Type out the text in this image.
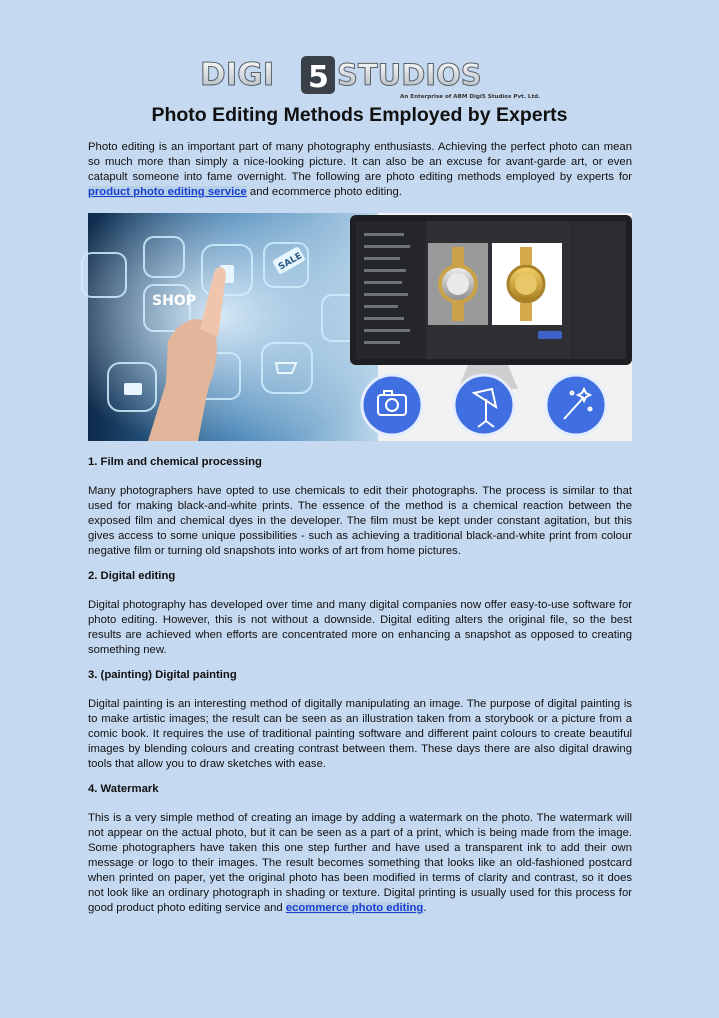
DIGI 5 STUDIOS
An Enterprise of ABM Digi5 Studios Pvt. Ltd.
Photo Editing Methods Employed by Experts

Photo editing is an important part of many photography enthusiasts. Achieving the perfect photo can mean so much more than simply a nice-looking picture. It can also be an excuse for avant-garde art, or even catapult someone into fame overnight. The following are photo editing methods employed by experts for product photo editing service and ecommerce photo editing.

SHOP
SALE
1. Film and chemical processing

Many photographers have opted to use chemicals to edit their photographs. The process is similar to that used for making black-and-white prints. The essence of the method is a chemical reaction between the exposed film and chemical dyes in the developer. The film must be kept under constant agitation, but this gives access to some unique possibilities - such as achieving a traditional black-and-white print from colour negative film or turning old snapshots into works of art from home pictures.

2. Digital editing

Digital photography has developed over time and many digital companies now offer easy-to-use software for photo editing. However, this is not without a downside. Digital editing alters the original file, so the best results are achieved when efforts are concentrated more on enhancing a snapshot as opposed to creating something new.

3. (painting) Digital painting

Digital painting is an interesting method of digitally manipulating an image. The purpose of digital painting is to make artistic images; the result can be seen as an illustration taken from a storybook or a picture from a comic book. It requires the use of traditional painting software and different paint colours to create beautiful images by blending colours and creating contrast between them. These days there are also digital drawing tools that allow you to draw sketches with ease.

4. Watermark

This is a very simple method of creating an image by adding a watermark on the photo. The watermark will not appear on the actual photo, but it can be seen as a part of a print, which is being made from the image. Some photographers have taken this one step further and have used a transparent ink to add their own message or logo to their images. The result becomes something that looks like an old-fashioned postcard when printed on paper, yet the original photo has been modified in terms of clarity and contrast, so it does not look like an ordinary photograph in shading or texture. Digital printing is usually used for this process for good product photo editing service and ecommerce photo editing.
